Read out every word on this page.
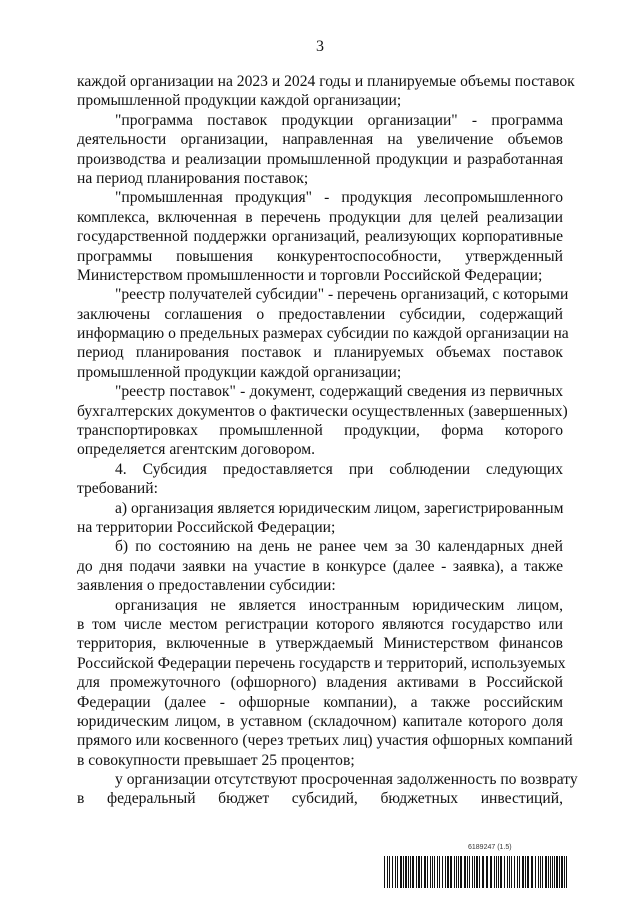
3
каждой организации на 2023 и 2024 годы и планируемые объемы поставок
промышленной продукции каждой организации;
"программа поставок продукции организации" - программа
деятельности организации, направленная на увеличение объемов
производства и реализации промышленной продукции и разработанная
на период планирования поставок;
"промышленная продукция" - продукция лесопромышленного
комплекса, включенная в перечень продукции для целей реализации
государственной поддержки организаций, реализующих корпоративные
программы повышения конкурентоспособности, утвержденный
Министерством промышленности и торговли Российской Федерации;
"реестр получателей субсидии" - перечень организаций, с которыми
заключены соглашения о предоставлении субсидии, содержащий
информацию о предельных размерах субсидии по каждой организации на
период планирования поставок и планируемых объемах поставок
промышленной продукции каждой организации;
"реестр поставок" - документ, содержащий сведения из первичных
бухгалтерских документов о фактически осуществленных (завершенных)
транспортировках промышленной продукции, форма которого
определяется агентским договором.
4. Субсидия предоставляется при соблюдении следующих
требований:
а) организация является юридическим лицом, зарегистрированным
на территории Российской Федерации;
б) по состоянию на день не ранее чем за 30 календарных дней
до дня подачи заявки на участие в конкурсе (далее - заявка), а также
заявления о предоставлении субсидии:
организация не является иностранным юридическим лицом,
в том числе местом регистрации которого являются государство или
территория, включенные в утверждаемый Министерством финансов
Российской Федерации перечень государств и территорий, используемых
для промежуточного (офшорного) владения активами в Российской
Федерации (далее - офшорные компании), а также российским
юридическим лицом, в уставном (складочном) капитале которого доля
прямого или косвенного (через третьих лиц) участия офшорных компаний
в совокупности превышает 25 процентов;
у организации отсутствуют просроченная задолженность по возврату
в федеральный бюджет субсидий, бюджетных инвестиций,
6189247 (1.5)
